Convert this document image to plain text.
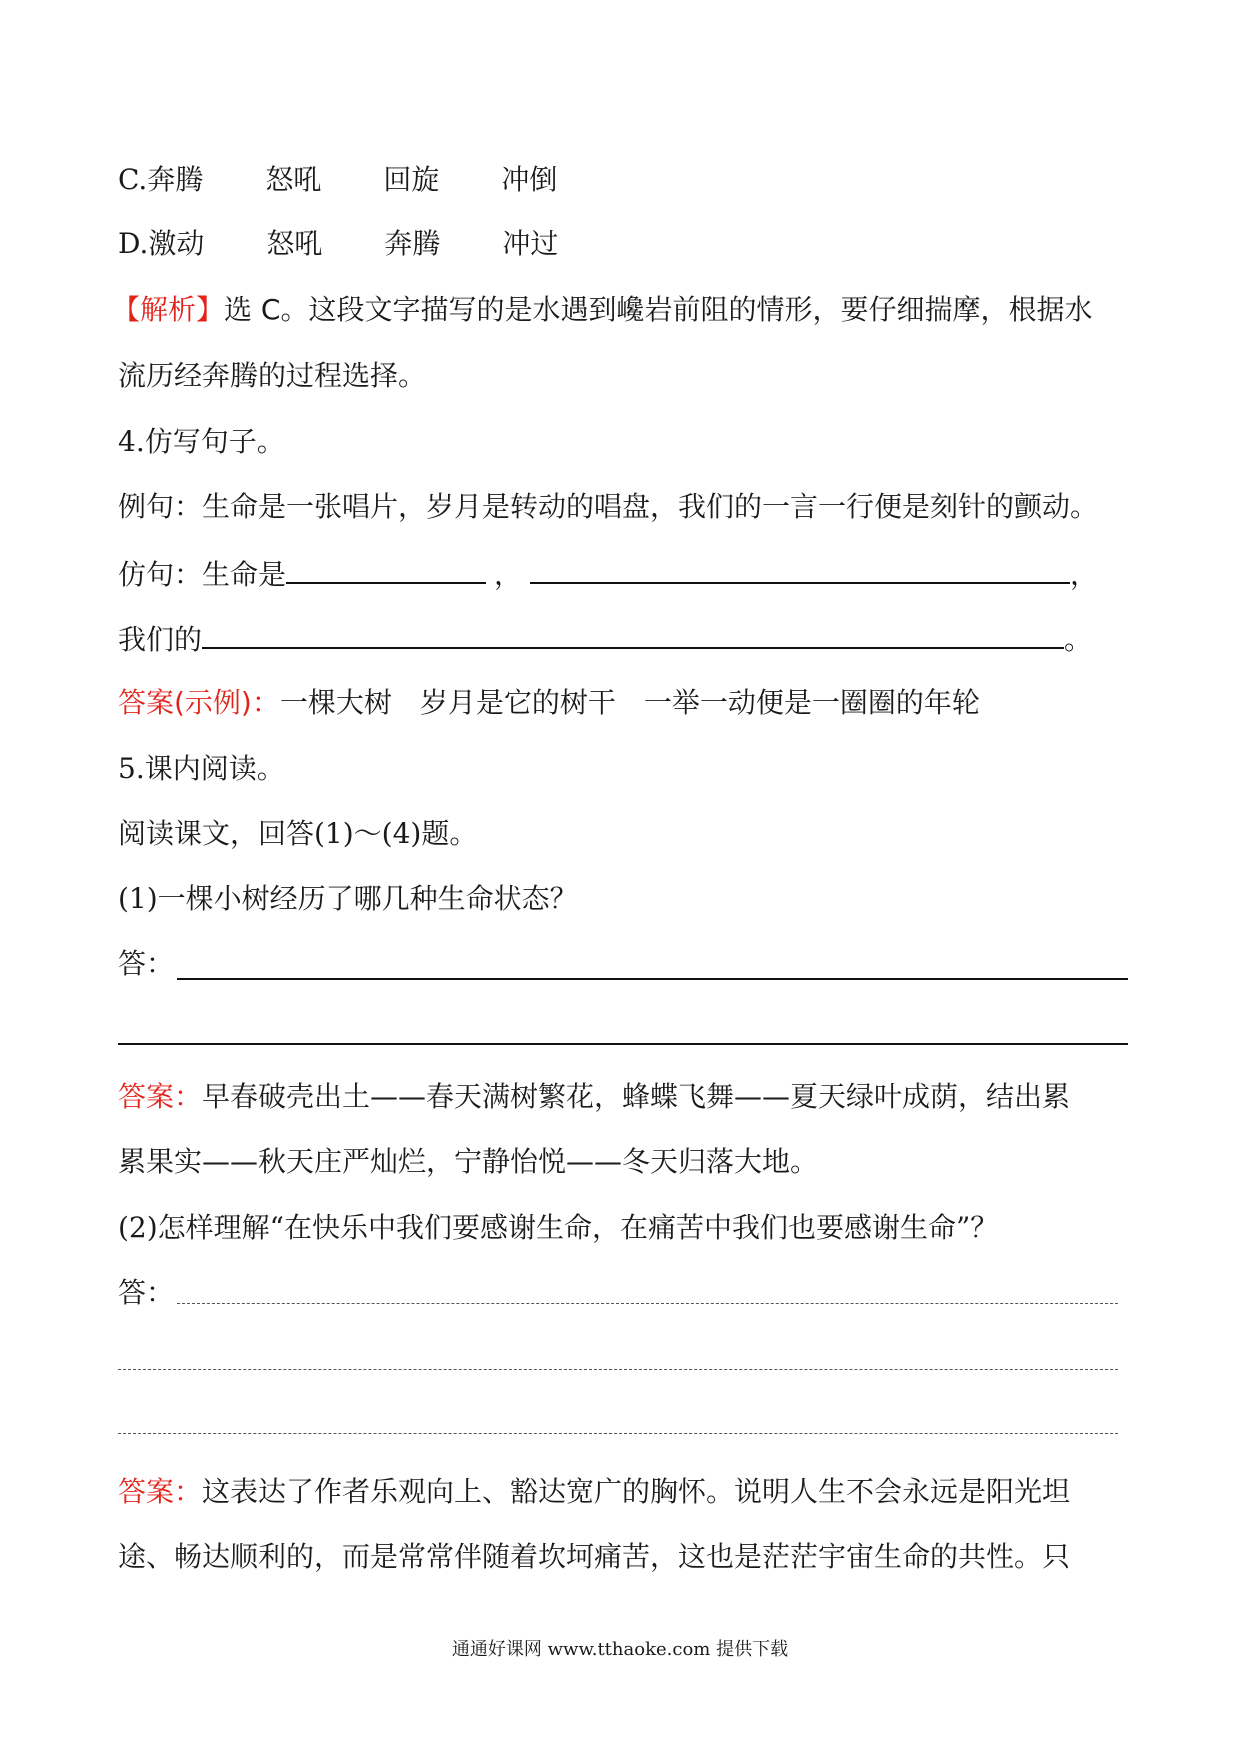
C.奔腾 怒吼 回旋 冲倒
D.激动 怒吼 奔腾 冲过
【解析】选 C。这段文字描写的是水遇到巉岩前阻的情形，要仔细揣摩，根据水
流历经奔腾的过程选择。
4.仿写句子。
例句：生命是一张唱片，岁月是转动的唱盘，我们的一言一行便是刻针的颤动。
仿句：生命是	，	，
我们的	。
答案(示例)：一棵大树　岁月是它的树干　一举一动便是一圈圈的年轮
5.课内阅读。
阅读课文，回答(1)～(4)题。
(1)一棵小树经历了哪几种生命状态？
答：
答案：早春破壳出土——春天满树繁花，蜂蝶飞舞——夏天绿叶成荫，结出累
累果实——秋天庄严灿烂，宁静怡悦——冬天归落大地。
(2)怎样理解“在快乐中我们要感谢生命，在痛苦中我们也要感谢生命”？
答：
答案：这表达了作者乐观向上、豁达宽广的胸怀。说明人生不会永远是阳光坦
途、畅达顺利的，而是常常伴随着坎坷痛苦，这也是茫茫宇宙生命的共性。只
通通好课网 www.tthaoke.com 提供下载
